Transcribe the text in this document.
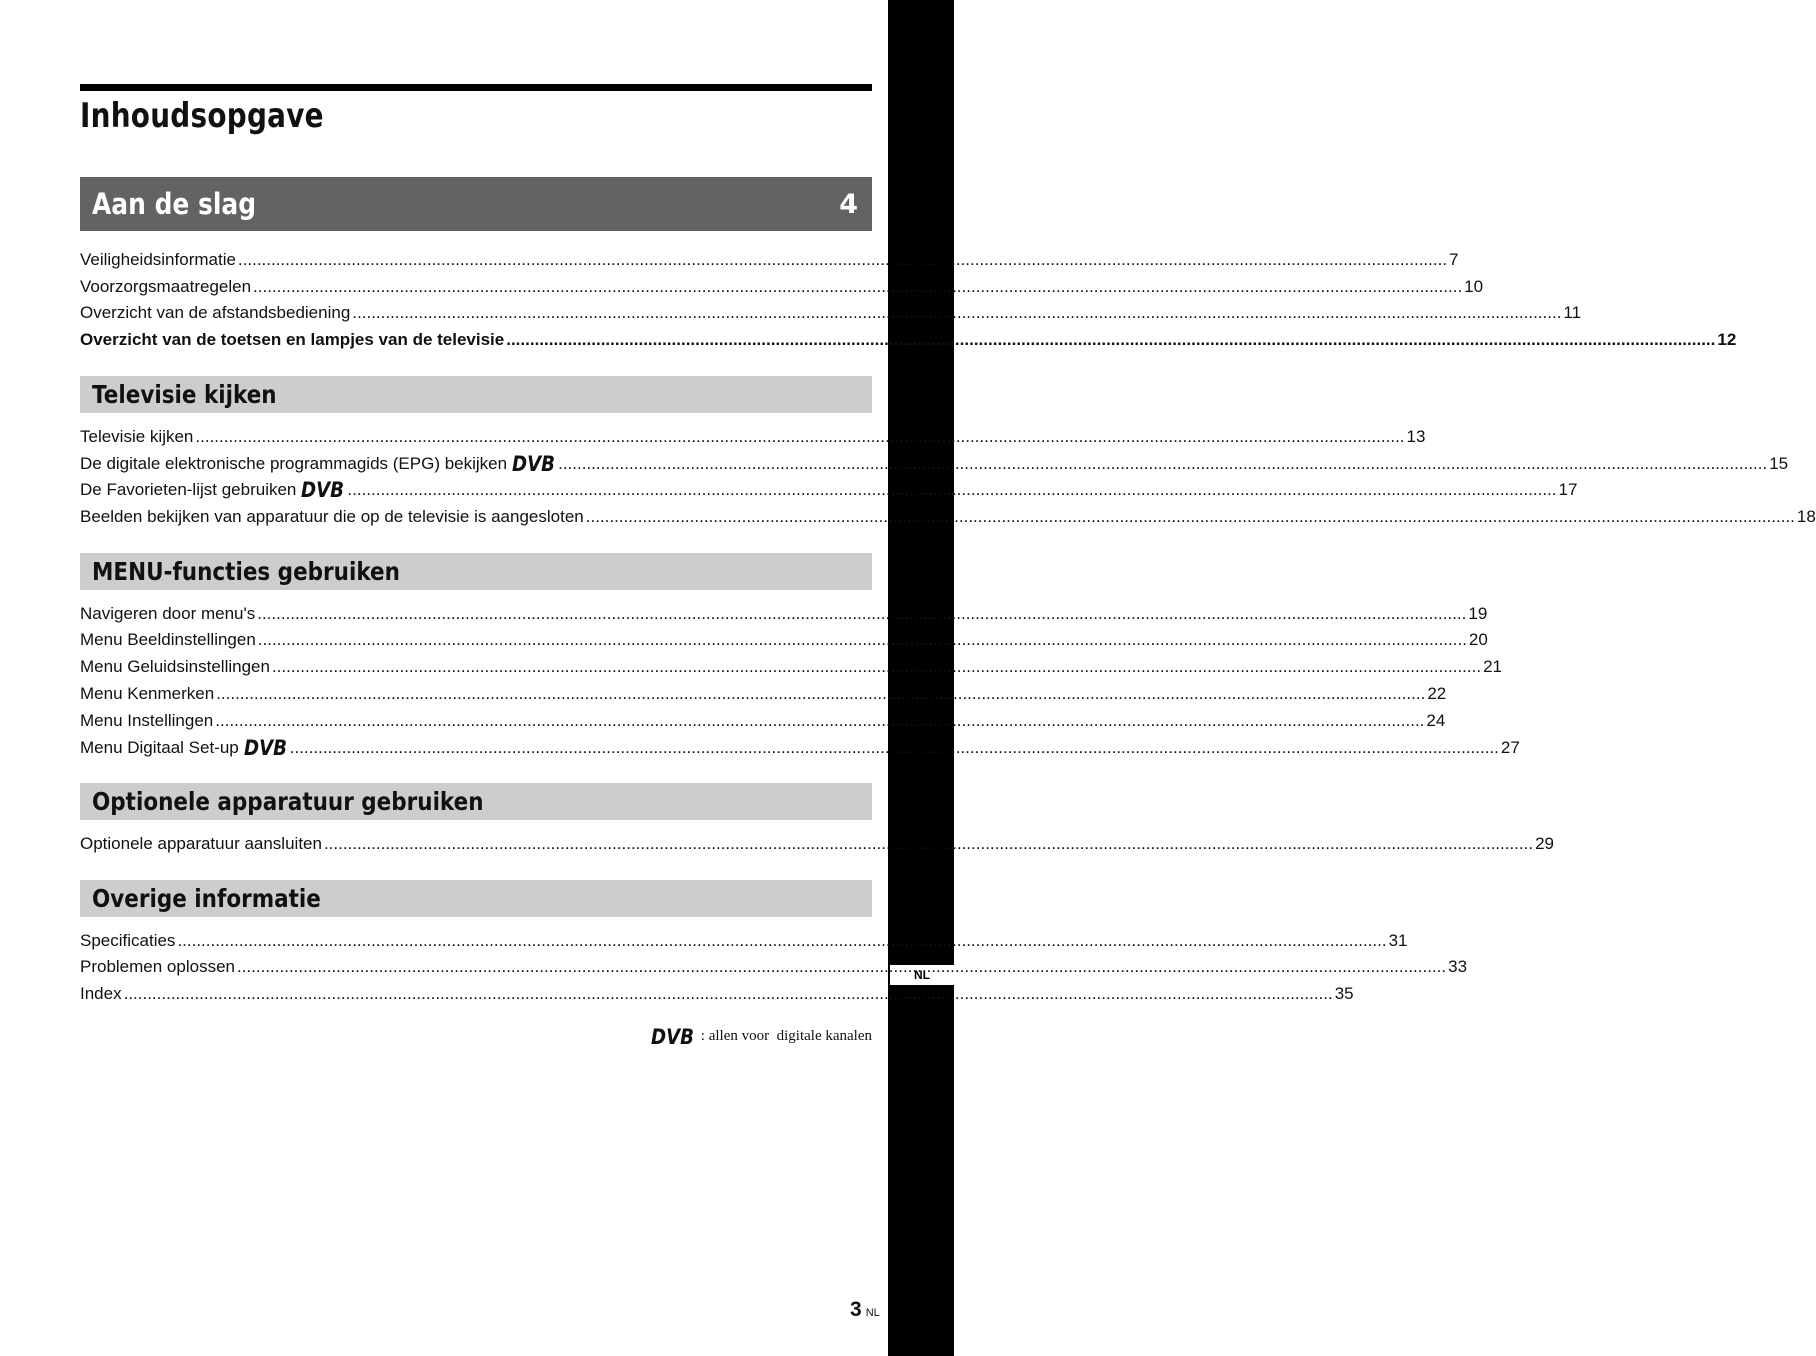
NL
Inhoudsopgave
Aan de slag	4
Veiligheidsinformatie .....	7
Voorzorgsmaatregelen .....	10
Overzicht van de afstandsbediening .....	11
Overzicht van de toetsen en lampjes van de televisie .....	12
Televisie kijken
Televisie kijken .....	13
De digitale elektronische programmagids (EPG) bekijken DVB .....	15
De Favorieten-lijst gebruiken DVB .....	17
Beelden bekijken van apparatuur die op de televisie is aangesloten .....	18
MENU-functies gebruiken
Navigeren door menu's .....	19
Menu Beeldinstellingen .....	20
Menu Geluidsinstellingen .....	21
Menu Kenmerken .....	22
Menu Instellingen .....	24
Menu Digitaal Set-up DVB .....	27
Optionele apparatuur gebruiken
Optionele apparatuur aansluiten .....	29
Overige informatie
Specificaties .....	31
Problemen oplossen .....	33
Index .....	35
DVB : allen voor  digitale kanalen
3 NL
